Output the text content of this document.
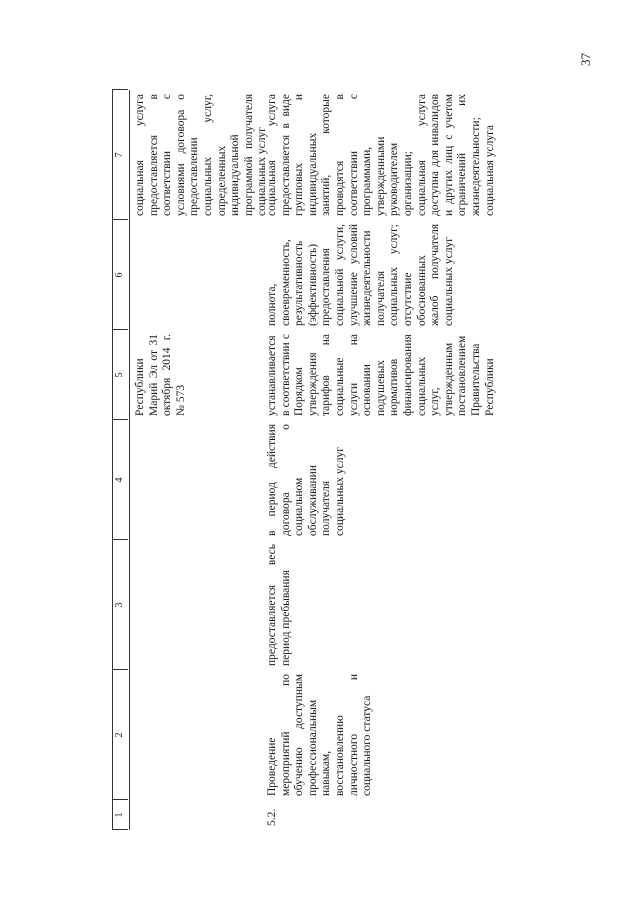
37
1
2
3
4
5
6
7
Республики Марий Эл от 31 октября 2014 г. № 573
социальная услуга предоставляется в соответствии с условиями договора о предоставлении социальных услуг, определенных индивидуальной программой получателя социальных услуг
5.2.
Проведение мероприятий по обучению доступным профессиональным навыкам, восстановлению личностного и социального статуса
предоставляется весь период пребывания
в период действия договора о социальном обслуживании получателя социальных услуг
устанавливается в соответствии с Порядком утверждения тарифов на социальные услуги на основании подушевых нормативов финансирования социальных услуг, утвержденным постановлением Правительства Республики
полнота, своевременность, результативность (эффективность) предоставления социальной услуги, улучшение условий жизнедеятельности получателя социальных услуг; отсутствие обоснованных жалоб получателя социальных услуг
социальная услуга предоставляется в виде групповых и индивидуальных занятий, которые проводятся в соответствии с программами, утвержденными руководителем организации; социальная услуга доступна для инвалидов и других лиц с учетом ограничений их жизнедеятельности; социальная услуга
